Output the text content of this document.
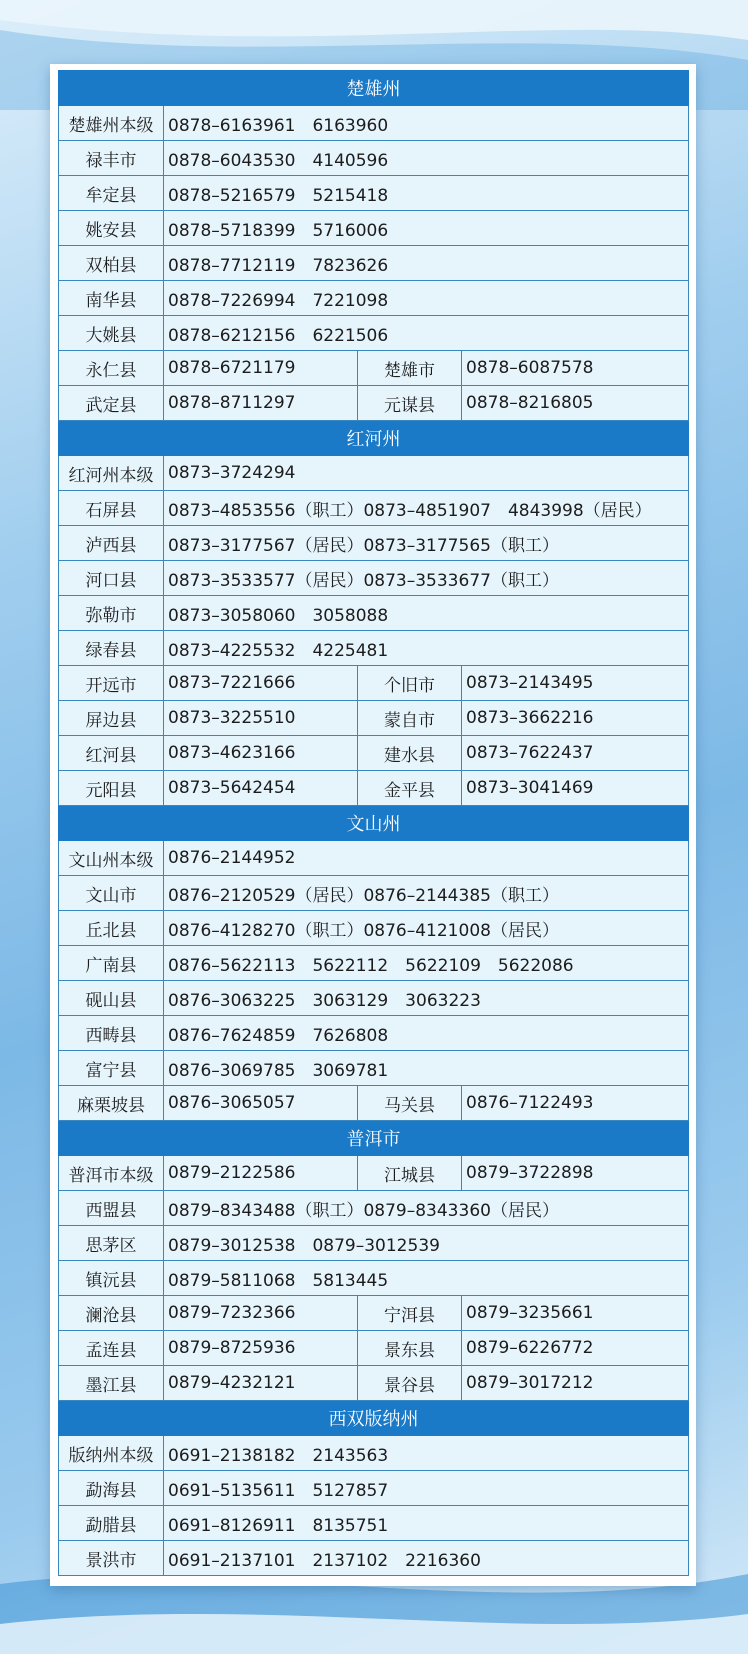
楚雄州			
楚雄州本级	0878–6163961　6163960		
禄丰市	0878–6043530　4140596		
牟定县	0878–5216579　5215418		
姚安县	0878–5718399　5716006		
双柏县	0878–7712119　7823626		
南华县	0878–7226994　7221098		
大姚县	0878–6212156　6221506		
永仁县	0878–6721179	楚雄市	0878–6087578
武定县	0878–8711297	元谋县	0878–8216805
红河州			
红河州本级	0873–3724294		
石屏县	0873–4853556（职工）0873–4851907　4843998（居民）		
泸西县	0873–3177567（居民）0873–3177565（职工）		
河口县	0873–3533577（居民）0873–3533677（职工）		
弥勒市	0873–3058060　3058088		
绿春县	0873–4225532　4225481		
开远市	0873–7221666	个旧市	0873–2143495
屏边县	0873–3225510	蒙自市	0873–3662216
红河县	0873–4623166	建水县	0873–7622437
元阳县	0873–5642454	金平县	0873–3041469
文山州			
文山州本级	0876–2144952		
文山市	0876–2120529（居民）0876–2144385（职工）		
丘北县	0876–4128270（职工）0876–4121008（居民）		
广南县	0876–5622113　5622112　5622109　5622086		
砚山县	0876–3063225　3063129　3063223		
西畴县	0876–7624859　7626808		
富宁县	0876–3069785　3069781		
麻栗坡县	0876–3065057	马关县	0876–7122493
普洱市			
普洱市本级	0879–2122586	江城县	0879–3722898
西盟县	0879–8343488（职工）0879–8343360（居民）		
思茅区	0879–3012538　0879–3012539		
镇沅县	0879–5811068　5813445		
澜沧县	0879–7232366	宁洱县	0879–3235661
孟连县	0879–8725936	景东县	0879–6226772
墨江县	0879–4232121	景谷县	0879–3017212
西双版纳州			
版纳州本级	0691–2138182　2143563		
勐海县	0691–5135611　5127857		
勐腊县	0691–8126911　8135751		
景洪市	0691–2137101　2137102　2216360		
